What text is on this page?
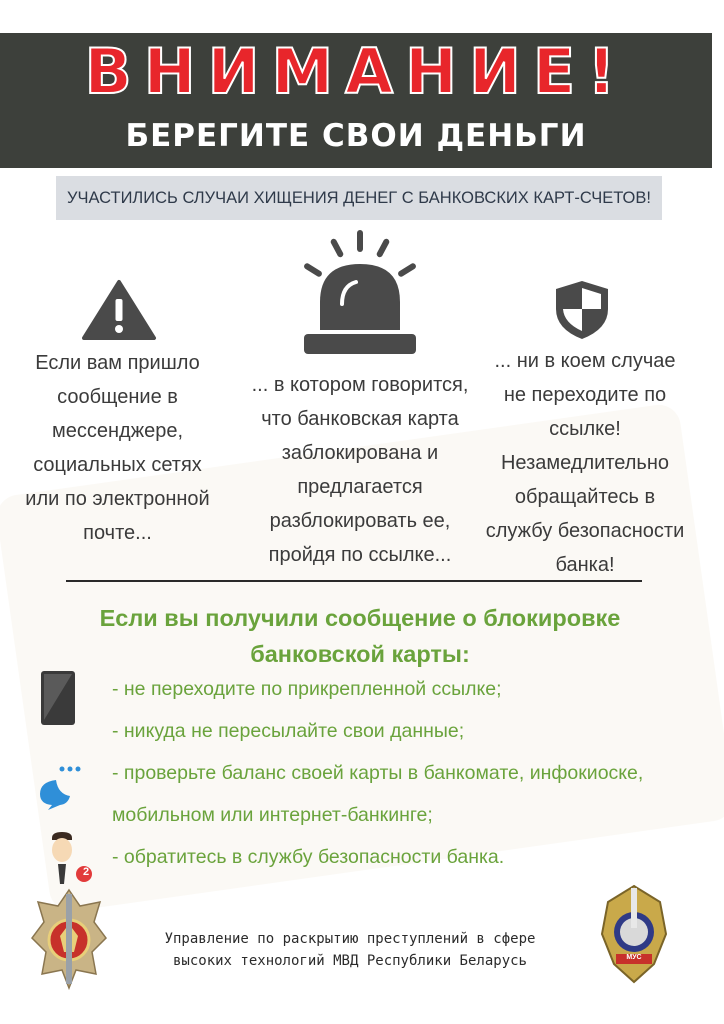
ВНИМАНИЕ!
БЕРЕГИТЕ СВОИ ДЕНЬГИ
УЧАСТИЛИСЬ СЛУЧАИ ХИЩЕНИЯ ДЕНЕГ С БАНКОВСКИХ КАРТ-СЧЕТОВ!
Если вам пришло
сообщение в
мессенджере,
социальных сетях
или по электронной
почте...
... в котором говорится,
что банковская карта
заблокирована и
предлагается
разблокировать ее,
пройдя по ссылке...
... ни в коем случае
не переходите по
ссылке!
Незамедлительно
обращайтесь в
службу безопасности
банка!
Если вы получили сообщение о блокировке
банковской карты:
2
- не переходите по прикрепленной ссылке;
- никуда не пересылайте свои данные;
- проверьте баланс своей карты в банкомате, инфокиоске,
мобильном или интернет-банкинге;
- обратитесь в службу безопасности банка.
Управление по раскрытию преступлений в сфере
высоких технологий МВД Республики Беларусь	МУС
